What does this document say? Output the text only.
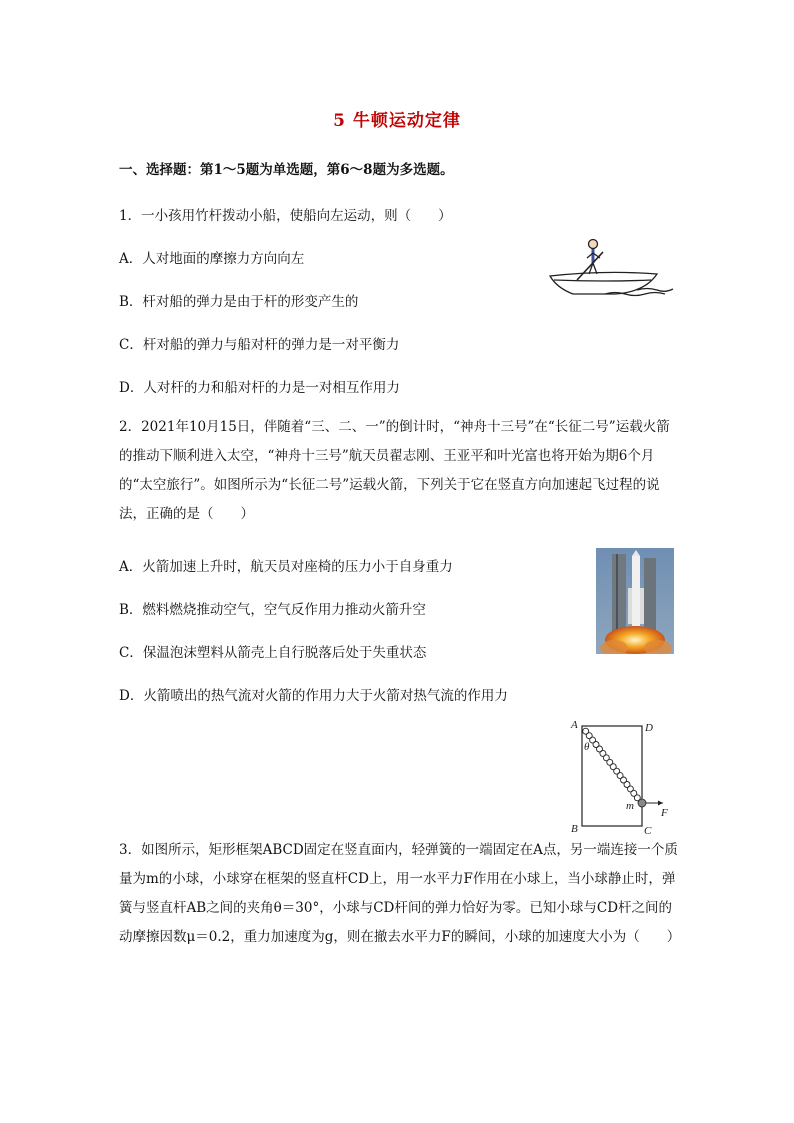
5 牛顿运动定律
一、选择题：第1～5题为单选题，第6～8题为多选题。
1．一小孩用竹杆拨动小船，使船向左运动，则（　　）
A．人对地面的摩擦力方向向左
B．杆对船的弹力是由于杆的形变产生的
C．杆对船的弹力与船对杆的弹力是一对平衡力
D．人对杆的力和船对杆的力是一对相互作用力
2．2021年10月15日，伴随着“三、二、一”的倒计时，“神舟十三号”在“长征二号”运载火箭的推动下顺利进入太空，“神舟十三号”航天员翟志刚、王亚平和叶光富也将开始为期6个月的“太空旅行”。如图所示为“长征二号”运载火箭，下列关于它在竖直方向加速起飞过程的说法，正确的是（　　）
A．火箭加速上升时，航天员对座椅的压力小于自身重力
B．燃料燃烧推动空气，空气反作用力推动火箭升空
C．保温泡沫塑料从箭壳上自行脱落后处于失重状态
D．火箭喷出的热气流对火箭的作用力大于火箭对热气流的作用力
A	D
B	C
θ
m
F
3．如图所示，矩形框架ABCD固定在竖直面内，轻弹簧的一端固定在A点，另一端连接一个质量为m的小球，小球穿在框架的竖直杆CD上，用一水平力F作用在小球上，当小球静止时，弹簧与竖直杆AB之间的夹角θ＝30°，小球与CD杆间的弹力恰好为零。已知小球与CD杆之间的动摩擦因数μ＝0.2，重力加速度为g，则在撤去水平力F的瞬间，小球的加速度大小为（　　）
